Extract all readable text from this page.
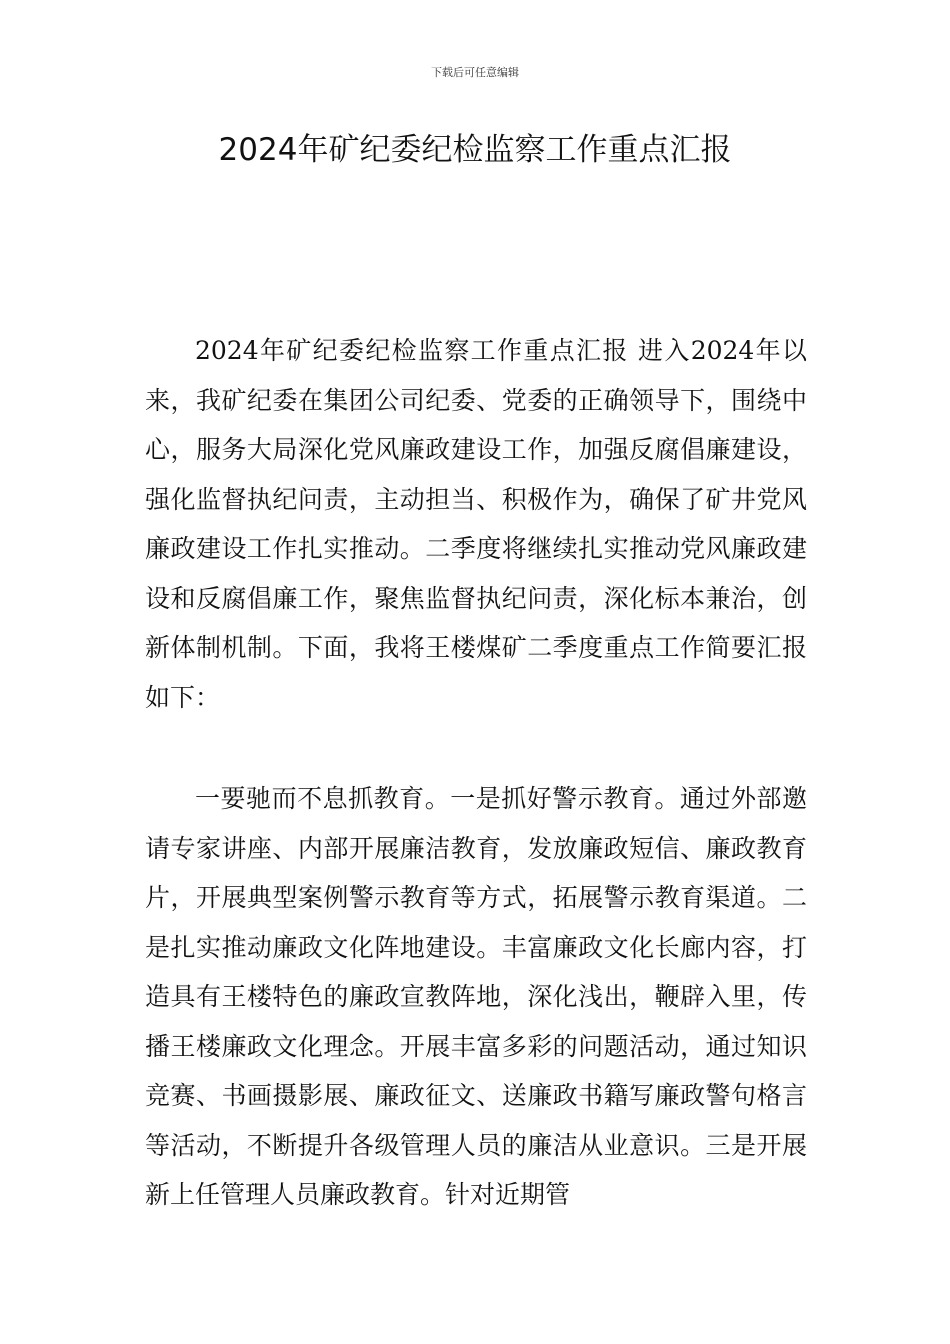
下载后可任意编辑
2024年矿纪委纪检监察工作重点汇报

2024年矿纪委纪检监察工作重点汇报 进入2024年以来，我矿纪委在集团公司纪委、党委的正确领导下，围绕中心，服务大局深化党风廉政建设工作，加强反腐倡廉建设，强化监督执纪问责，主动担当、积极作为，确保了矿井党风廉政建设工作扎实推动。二季度将继续扎实推动党风廉政建设和反腐倡廉工作，聚焦监督执纪问责，深化标本兼治，创新体制机制。下面，我将王楼煤矿二季度重点工作简要汇报如下：

一要驰而不息抓教育。一是抓好警示教育。通过外部邀请专家讲座、内部开展廉洁教育，发放廉政短信、廉政教育片，开展典型案例警示教育等方式，拓展警示教育渠道。二是扎实推动廉政文化阵地建设。丰富廉政文化长廊内容，打造具有王楼特色的廉政宣教阵地，深化浅出，鞭辟入里，传播王楼廉政文化理念。开展丰富多彩的问题活动，通过知识竞赛、书画摄影展、廉政征文、送廉政书籍写廉政警句格言等活动，不断提升各级管理人员的廉洁从业意识。三是开展新上任管理人员廉政教育。针对近期管
